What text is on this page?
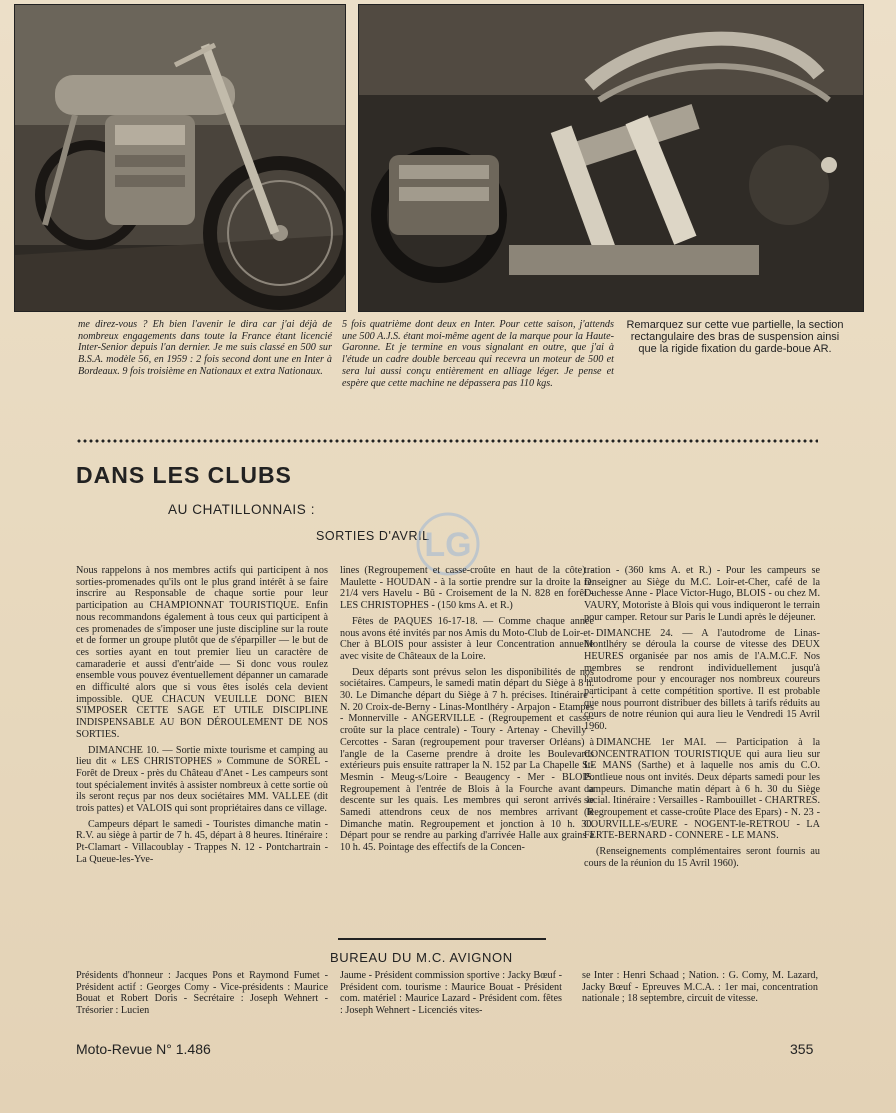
me direz-vous ? Eh bien l'avenir le dira car j'ai déjà de nombreux engagements dans toute la France étant licencié Inter-Senior depuis l'an dernier. Je me suis classé en 500 sur B.S.A. modèle 56, en 1959 : 2 fois second dont une en Inter à Bordeaux. 9 fois troisième en Nationaux et extra Nationaux.
5 fois quatrième dont deux en Inter. Pour cette saison, j'attends une 500 A.J.S. étant moi-même agent de la marque pour la Haute-Garonne. Et je termine en vous signalant en outre, que j'ai à l'étude un cadre double berceau qui recevra un moteur de 500 et sera lui aussi conçu entièrement en alliage léger. Je pense et espère que cette machine ne dépassera pas 110 kgs.
Remarquez sur cette vue partielle, la section rectangulaire des bras de suspension ainsi que la rigide fixation du garde-boue AR.
DANS LES CLUBS
AU CHATILLONNAIS :
SORTIES D'AVRIL
LG

Nous rappelons à nos membres actifs qui participent à nos sorties-promenades qu'ils ont le plus grand intérêt à se faire inscrire au Responsable de chaque sortie pour leur participation au CHAMPIONNAT TOURISTIQUE. Enfin nous recommandons également à tous ceux qui participent à ces promenades de s'imposer une juste discipline sur la route et de former un groupe plutôt que de s'éparpiller — le but de ces sorties ayant en tout premier lieu un caractère de camaraderie et aussi d'entr'aide — Si donc vous roulez ensemble vous pouvez éventuellement dépanner un camarade en difficulté alors que si vous êtes isolés cela devient impossible. QUE CHACUN VEUILLE DONC BIEN S'IMPOSER CETTE SAGE ET UTILE DISCIPLINE INDISPENSABLE AU BON DÉROULEMENT DE NOS SORTIES.

DIMANCHE 10. — Sortie mixte tourisme et camping au lieu dit « LES CHRISTOPHES » Commune de SOREL - Forêt de Dreux - près du Château d'Anet - Les campeurs sont tout spécialement invités à assister nombreux à cette sortie où ils seront reçus par nos deux sociétaires MM. VALLEE (dit trois pattes) et VALOIS qui sont propriétaires dans ce village.

Campeurs départ le samedi - Touristes dimanche matin - R.V. au siège à partir de 7 h. 45, départ à 8 heures. Itinéraire : Pt-Clamart - Villacoublay - Trappes N. 12 - Pontchartrain - La Queue-les-Yve-

lines (Regroupement et casse-croûte en haut de la côte) - Maulette - HOUDAN - à la sortie prendre sur la droite la D. 21/4 vers Havelu - Bû - Croisement de la N. 828 en forêt - LES CHRISTOPHES - (150 kms A. et R.)

Fêtes de PAQUES 16-17-18. — Comme chaque année nous avons été invités par nos Amis du Moto-Club de Loir-et-Cher à BLOIS pour assister à leur Concentration annuelle avec visite de Châteaux de la Loire.

Deux départs sont prévus selon les disponibilités de nos sociétaires. Campeurs, le samedi matin départ du Siège à 8 h. 30. Le Dimanche départ du Siège à 7 h. précises. Itinéraire : N. 20 Croix-de-Berny - Linas-Montlhéry - Arpajon - Etampes - Monnerville - ANGERVILLE - (Regroupement et casse-croûte sur la place centrale) - Toury - Artenay - Chevilly - Cercottes - Saran (regroupement pour traverser Orléans) à l'angle de la Caserne prendre à droite les Boulevards extérieurs puis ensuite rattraper la N. 152 par La Chapelle St-Mesmin - Meug-s/Loire - Beaugency - Mer - BLOIS. Regroupement à l'entrée de Blois à la Fourche avant la descente sur les quais. Les membres qui seront arrivés le Samedi attendrons ceux de nos membres arrivant le Dimanche matin. Regroupement et jonction à 10 h. 30. Départ pour se rendre au parking d'arrivée Halle aux grains à 10 h. 45. Pointage des effectifs de la Concen-

tration - (360 kms A. et R.) - Pour les campeurs se renseigner au Siège du M.C. Loir-et-Cher, café de la Duchesse Anne - Place Victor-Hugo, BLOIS - ou chez M. VAURY, Motoriste à Blois qui vous indiqueront le terrain pour camper. Retour sur Paris le Lundi après le déjeuner.

DIMANCHE 24. — A l'autodrome de Linas-Montlhéry se déroula la course de vitesse des DEUX HEURES organisée par nos amis de l'A.M.C.F. Nos membres se rendront individuellement jusqu'à l'autodrome pour y encourager nos nombreux coureurs participant à cette compétition sportive. Il est probable que nous pourront distribuer des billets à tarifs réduits au cours de notre réunion qui aura lieu le Vendredi 15 Avril 1960.

DIMANCHE 1er MAI. — Participation à la CONCENTRATION TOURISTIQUE qui aura lieu sur LE MANS (Sarthe) et à laquelle nos amis du C.O. Pontlieue nous ont invités. Deux départs samedi pour les campeurs. Dimanche matin départ à 6 h. 30 du Siège social. Itinéraire : Versailles - Rambouillet - CHARTRES. (Regroupement et casse-croûte Place des Epars) - N. 23 - COURVILLE-s/EURE - NOGENT-le-RETROU - LA FERTE-BERNARD - CONNERE - LE MANS.

(Renseignements complémentaires seront fournis au cours de la réunion du 15 Avril 1960).

BUREAU DU M.C. AVIGNON
Présidents d'honneur : Jacques Pons et Raymond Fumet - Président actif : Georges Comy - Vice-présidents : Maurice Bouat et Robert Doris - Secrétaire : Joseph Wehnert - Trésorier : Lucien
Jaume - Président commission sportive : Jacky Bœuf - Président com. tourisme : Maurice Bouat - Président com. matériel : Maurice Lazard - Président com. fêtes : Joseph Wehnert - Licenciés vites-
se Inter : Henri Schaad ; Nation. : G. Comy, M. Lazard, Jacky Bœuf - Epreuves M.C.A. : 1er mai, concentration nationale ; 18 septembre, circuit de vitesse.
Moto-Revue N° 1.486	355
